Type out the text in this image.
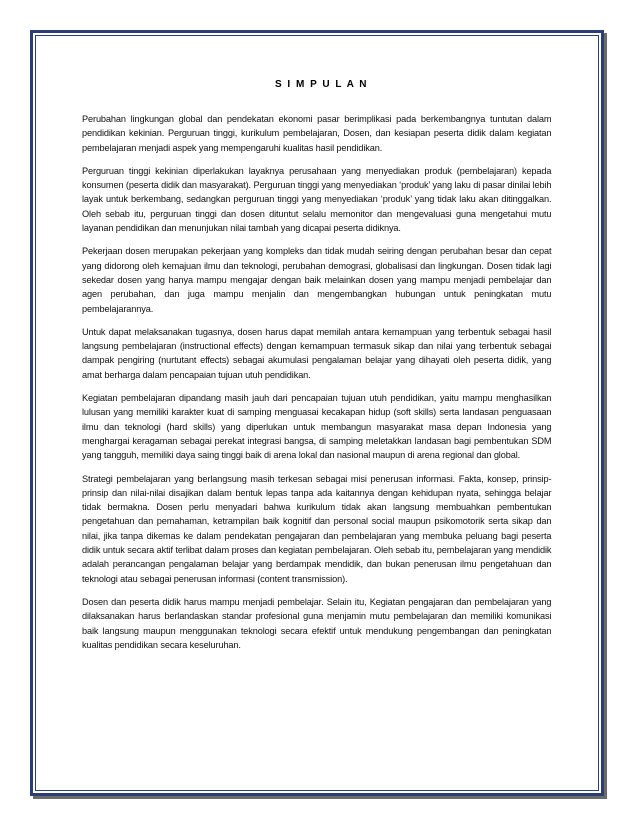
S I M P U L A N

Perubahan lingkungan global dan pendekatan ekonomi pasar berimplikasi pada berkembangnya tuntutan dalam pendidikan kekinian. Perguruan tinggi, kurikulum pembelajaran, Dosen, dan kesiapan peserta didik dalam kegiatan pembelajaran menjadi aspek yang mempengaruhi kualitas hasil pendidikan.

Perguruan tinggi kekinian diperlakukan layaknya perusahaan yang menyediakan produk (pembelajaran) kepada konsumen (peserta didik dan masyarakat). Perguruan tinggi yang menyediakan ‘produk’ yang laku di pasar dinilai lebih layak untuk berkembang, sedangkan perguruan tinggi yang menyediakan ‘produk’ yang tidak laku akan ditinggalkan. Oleh sebab itu, perguruan tinggi dan dosen dituntut selalu memonitor dan mengevaluasi guna mengetahui mutu layanan pendidikan dan menunjukan nilai tambah yang dicapai peserta didiknya.

Pekerjaan dosen merupakan pekerjaan yang kompleks dan tidak mudah seiring dengan perubahan besar dan cepat yang didorong oleh kemajuan ilmu dan teknologi, perubahan demograsi, globalisasi dan lingkungan. Dosen tidak lagi sekedar dosen yang hanya mampu mengajar dengan baik melainkan dosen yang mampu menjadi pembelajar dan agen perubahan, dan juga mampu menjalin dan mengembangkan hubungan untuk peningkatan mutu pembelajarannya.

Untuk dapat melaksanakan tugasnya, dosen harus dapat memilah antara kemampuan yang terbentuk sebagai hasil langsung pembelajaran (instructional effects) dengan kemampuan termasuk sikap dan nilai yang terbentuk sebagai dampak pengiring (nurtutant effects) sebagai akumulasi pengalaman belajar yang dihayati oleh peserta didik, yang amat berharga dalam pencapaian tujuan utuh pendidikan.

Kegiatan pembelajaran dipandang masih jauh dari pencapaian tujuan utuh pendidikan, yaitu mampu menghasilkan lulusan yang memiliki karakter kuat di samping menguasai kecakapan hidup (soft skills) serta landasan penguasaan ilmu dan teknologi (hard skills) yang diperlukan untuk membangun masyarakat masa depan Indonesia yang menghargai keragaman sebagai perekat integrasi bangsa, di samping meletakkan landasan bagi pembentukan SDM yang tangguh, memiliki daya saing tinggi baik di arena lokal dan nasional maupun di arena regional dan global.

Strategi pembelajaran yang berlangsung masih terkesan sebagai misi penerusan informasi. Fakta, konsep, prinsip-prinsip dan nilai-nilai disajikan dalam bentuk lepas tanpa ada kaitannya dengan kehidupan nyata, sehingga belajar tidak bermakna. Dosen perlu menyadari bahwa kurikulum tidak akan langsung membuahkan pembentukan pengetahuan dan pemahaman, ketrampilan baik kognitif dan personal social maupun psikomotorik serta sikap dan nilai, jika tanpa dikemas ke dalam pendekatan pengajaran dan pembelajaran yang membuka peluang bagi peserta didik untuk secara aktif terlibat dalam proses dan kegiatan pembelajaran. Oleh sebab itu, pembelajaran yang mendidik adalah perancangan pengalaman belajar yang berdampak mendidik, dan bukan penerusan ilmu pengetahuan dan teknologi atau sebagai penerusan informasi (content transmission).

Dosen dan peserta didik harus mampu menjadi pembelajar. Selain itu, Kegiatan pengajaran dan pembelajaran yang dilaksanakan harus berlandaskan standar profesional guna menjamin mutu pembelajaran dan memiliki komunikasi baik langsung maupun menggunakan teknologi secara efektif untuk mendukung pengembangan dan peningkatan kualitas pendidikan secara keseluruhan.
